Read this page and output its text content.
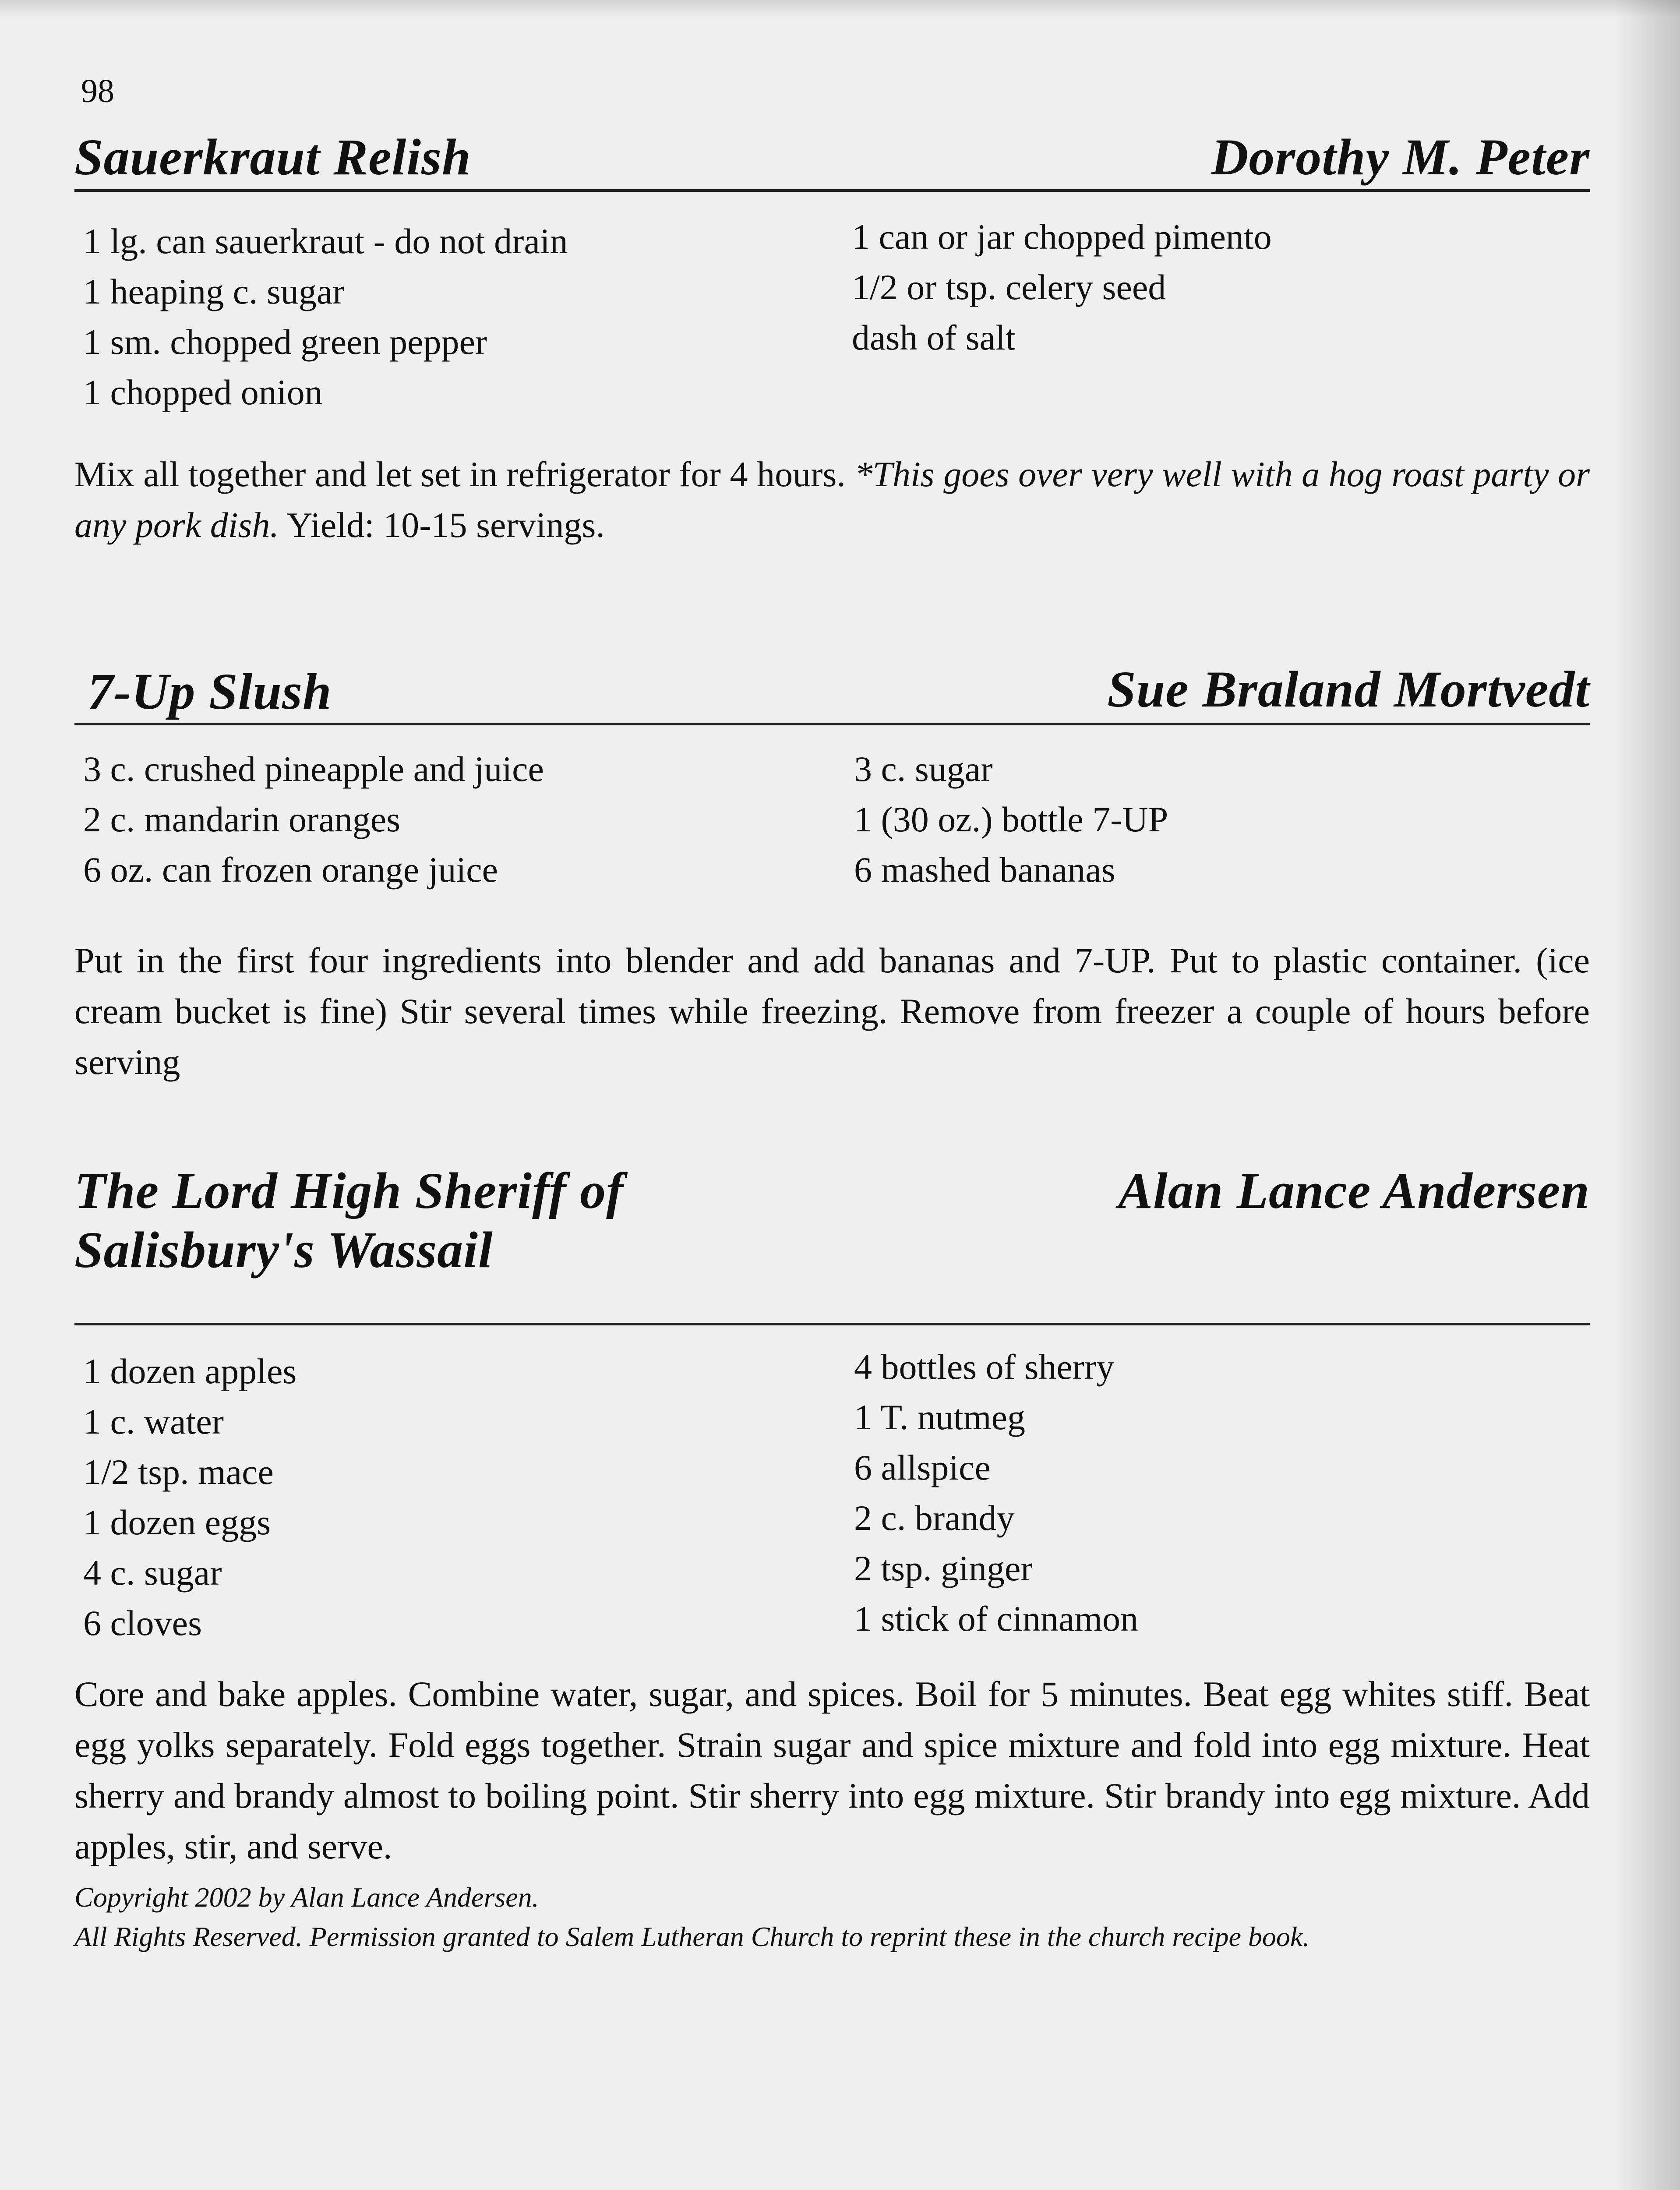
98
Sauerkraut Relish	Dorothy M. Peter
1 lg. can sauerkraut - do not drain
1 heaping c. sugar
1 sm. chopped green pepper
1 chopped onion
1 can or jar chopped pimento
1/2 or tsp. celery seed
dash of salt
Mix all together and let set in refrigerator for 4 hours. *This goes over very well with a hog roast party or any pork dish. Yield: 10-15 servings.
7-Up Slush	Sue Braland Mortvedt
3 c. crushed pineapple and juice
2 c. mandarin oranges
6 oz. can frozen orange juice
3 c. sugar
1 (30 oz.) bottle 7-UP
6 mashed bananas
Put in the first four ingredients into blender and add bananas and 7-UP. Put to plastic container. (ice cream bucket is fine) Stir several times while freezing. Remove from freezer a couple of hours before serving
The Lord High Sheriff of
Salisbury's Wassail
Alan Lance Andersen
1 dozen apples
1 c. water
1/2 tsp. mace
1 dozen eggs
4 c. sugar
6 cloves
4 bottles of sherry
1 T. nutmeg
6 allspice
2 c. brandy
2 tsp. ginger
1 stick of cinnamon
Core and bake apples. Combine water, sugar, and spices. Boil for 5 minutes. Beat egg whites stiff. Beat egg yolks separately. Fold eggs together. Strain sugar and spice mixture and fold into egg mixture. Heat sherry and brandy almost to boiling point. Stir sherry into egg mixture. Stir brandy into egg mixture. Add apples, stir, and serve.
Copyright 2002 by Alan Lance Andersen.
All Rights Reserved. Permission granted to Salem Lutheran Church to reprint these in the church recipe book.
